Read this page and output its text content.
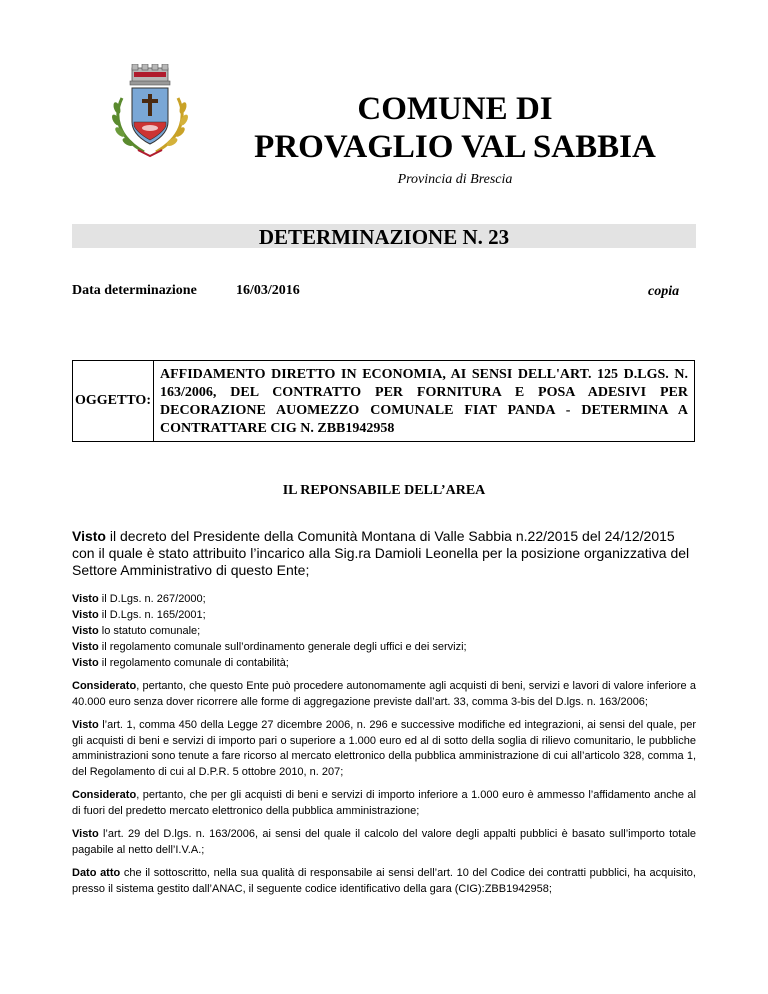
COMUNE DI
PROVAGLIO VAL SABBIA
Provincia di Brescia
DETERMINAZIONE N. 23
Data determinazione	16/03/2016	copia
OGGETTO:

AFFIDAMENTO DIRETTO IN ECONOMIA, AI SENSI DELL'ART. 125 D.LGS. N. 163/2006, DEL CONTRATTO PER FORNITURA E POSA ADESIVI PER DECORAZIONE AUOMEZZO COMUNALE FIAT PANDA - DETERMINA A CONTRATTARE CIG N. ZBB1942958

IL REPONSABILE DELL’AREA

Visto il decreto del Presidente della Comunità Montana di Valle Sabbia n.22/2015 del 24/12/2015 con il quale è stato attribuito l’incarico alla Sig.ra Damioli Leonella per la posizione organizzativa del Settore Amministrativo di questo Ente;

Visto il D.Lgs. n. 267/2000;
Visto il D.Lgs. n. 165/2001;
Visto lo statuto comunale;
Visto il regolamento comunale sull’ordinamento generale degli uffici e dei servizi;
Visto il regolamento comunale di contabilità;

Considerato, pertanto, che questo Ente può procedere autonomamente agli acquisti di beni, servizi e lavori di valore inferiore a 40.000 euro senza dover ricorrere alle forme di aggregazione previste dall’art. 33, comma 3-bis del D.lgs. n. 163/2006;

Visto l’art. 1, comma 450 della Legge 27 dicembre 2006, n. 296 e successive modifiche ed integrazioni, ai sensi del quale, per gli acquisti di beni e servizi di importo pari o superiore a 1.000 euro ed al di sotto della soglia di rilievo comunitario, le pubbliche amministrazioni sono tenute a fare ricorso al mercato elettronico della pubblica amministrazione di cui all’articolo 328, comma 1, del Regolamento di cui al D.P.R. 5 ottobre 2010, n. 207;

Considerato, pertanto, che per gli acquisti di beni e servizi di importo inferiore a 1.000 euro è ammesso l’affidamento anche al di fuori del predetto mercato elettronico della pubblica amministrazione;

Visto l’art. 29 del D.lgs. n. 163/2006, ai sensi del quale il calcolo del valore degli appalti pubblici è basato sull’importo totale pagabile al netto dell’I.V.A.;

Dato atto che il sottoscritto, nella sua qualità di responsabile ai sensi dell’art. 10 del Codice dei contratti pubblici, ha acquisito, presso il sistema gestito dall’ANAC, il seguente codice identificativo della gara (CIG):ZBB1942958;
